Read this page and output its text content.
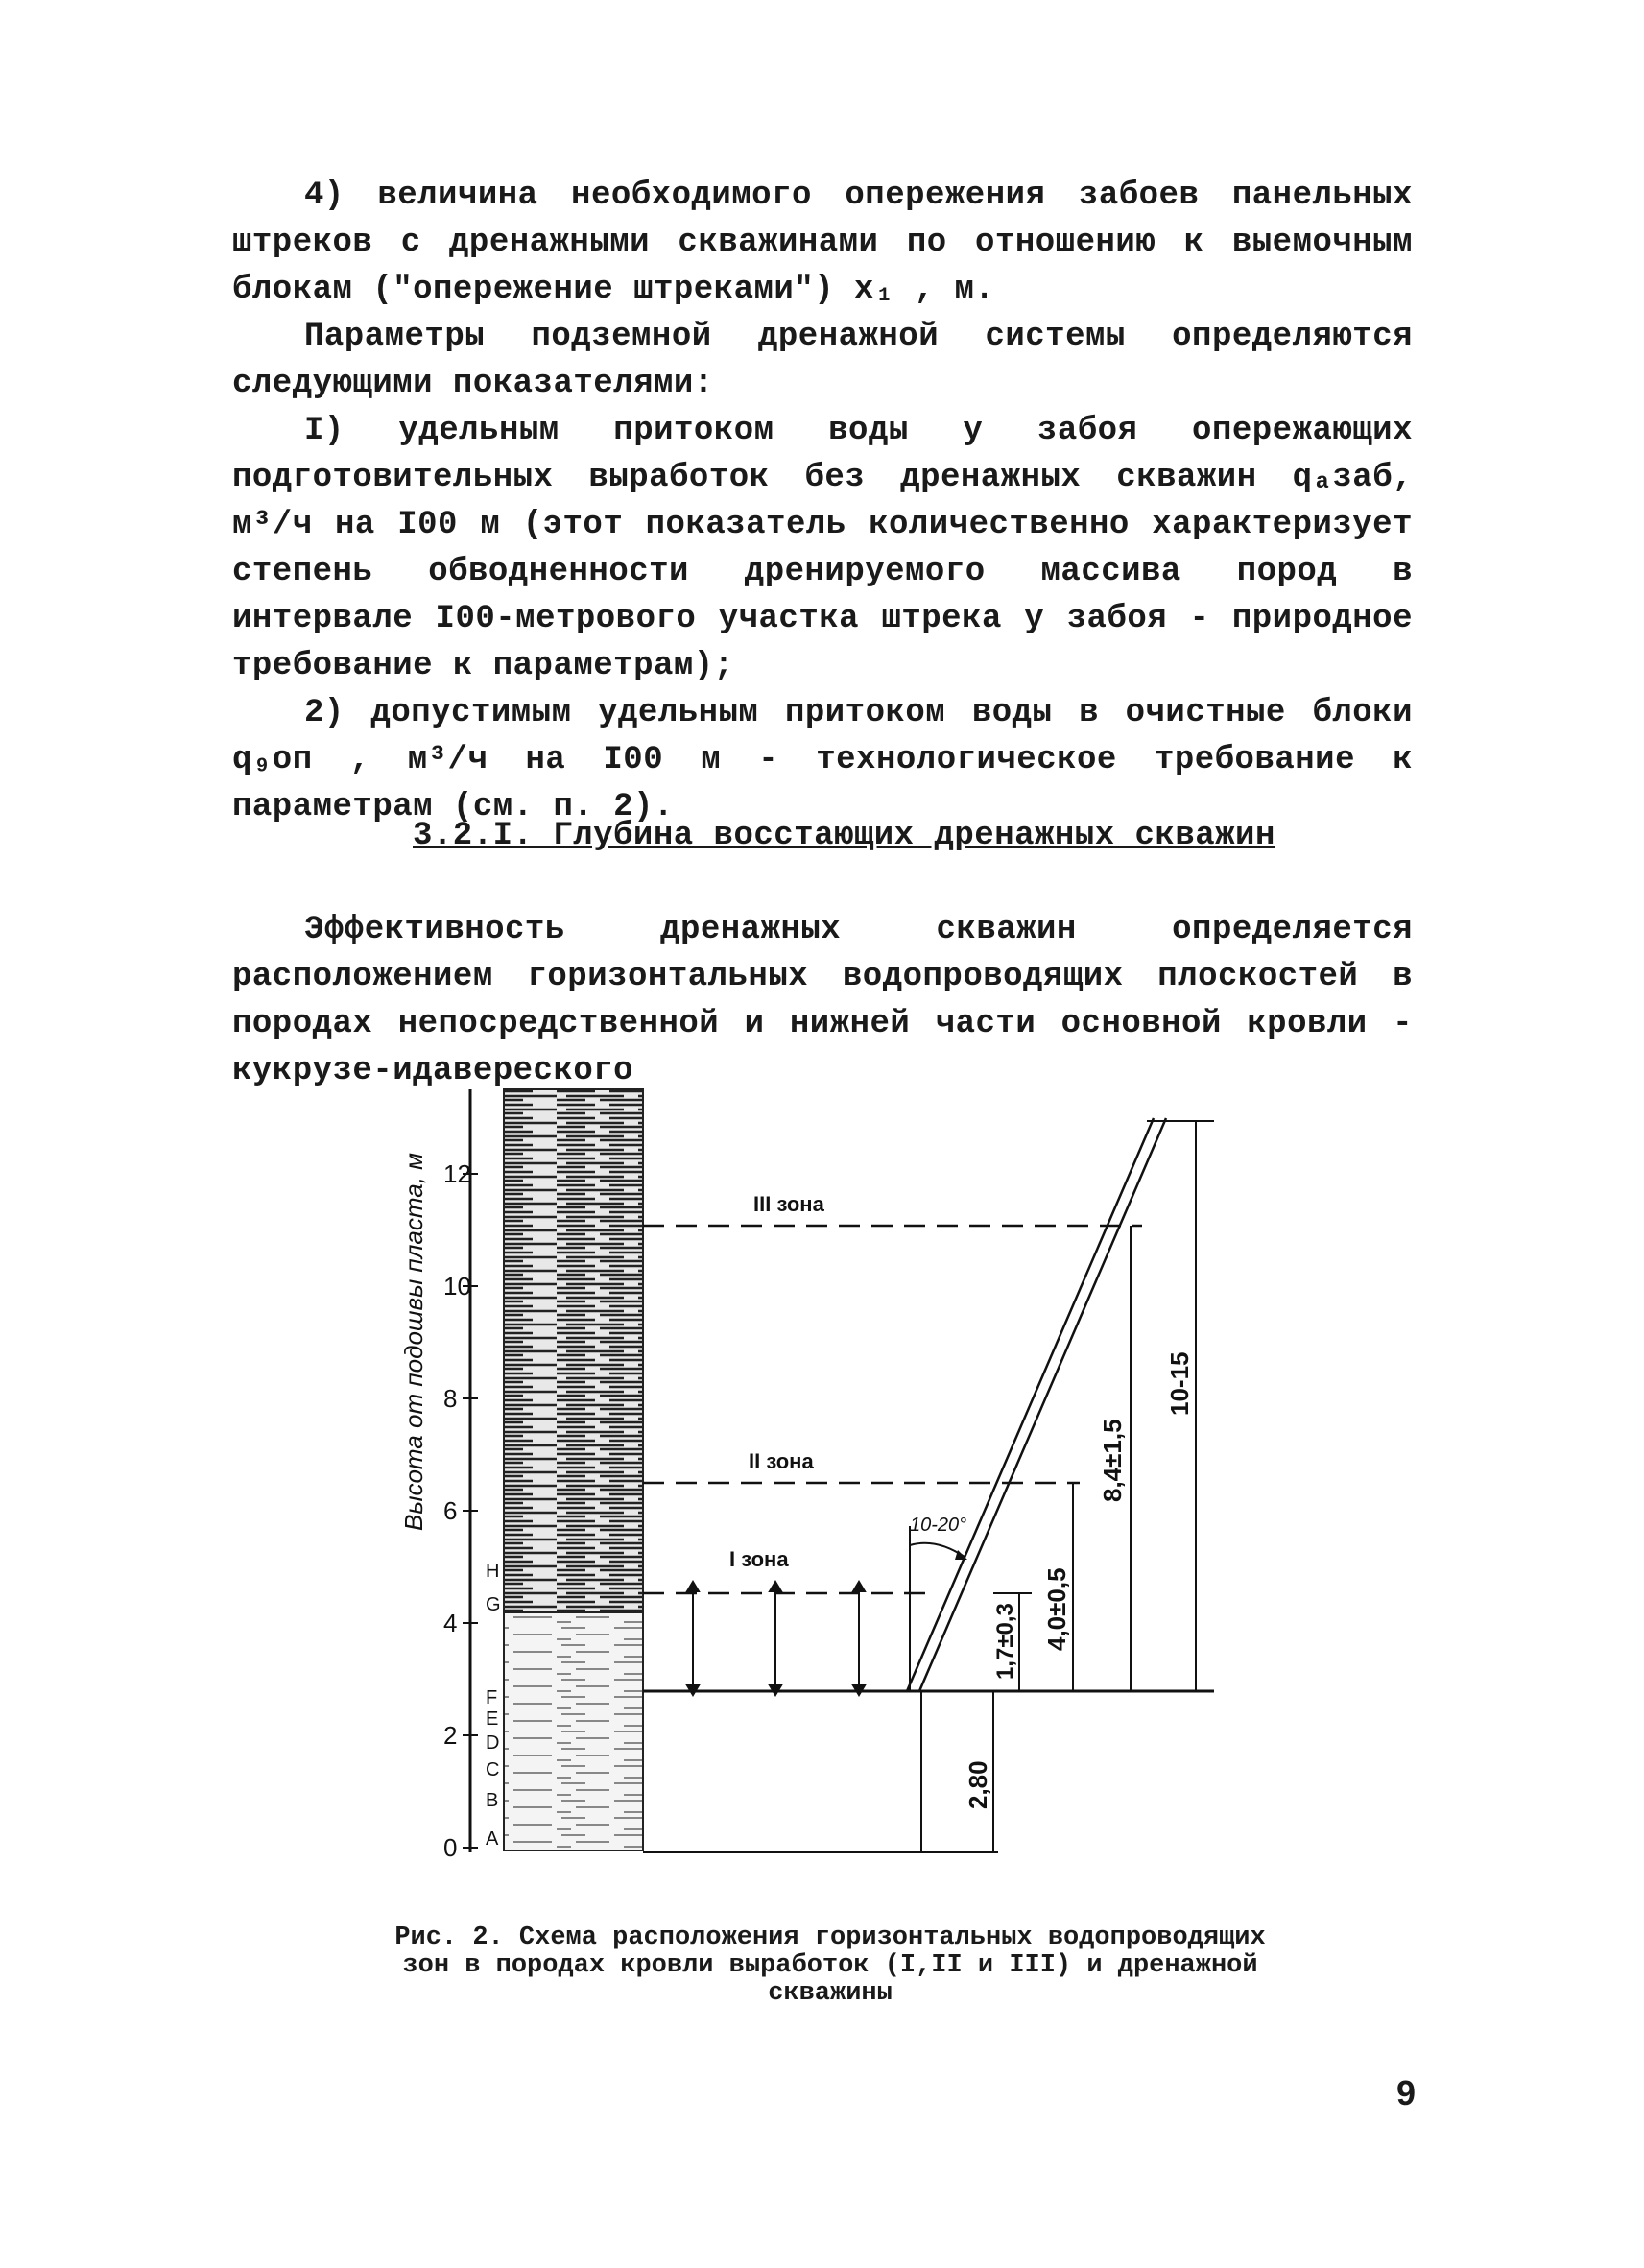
4) величина необходимого опережения забоев панельных штреков с дренажными скважинами по отношению к выемочным блокам ("опережение штреками") x₁ , м.

Параметры подземной дренажной системы определяются следующими показателями:

I) удельным притоком воды у забоя опережающих подготовительных выработок без дренажных скважин qₐзаб, м³/ч на I00 м (этот показатель количественно характеризует степень обводненности дренируемого массива пород в интервале I00-метрового участка штрека у забоя - природное требование к параметрам);

2) допустимым удельным притоком воды в очистные блоки q₉оп , м³/ч на I00 м - технологическое требование к параметрам (см. п. 2).

3.2.I. Глубина восстающих дренажных скважин

Эффективность дренажных скважин определяется расположением горизонтальных водопроводящих плоскостей в породах непосредственной и нижней части основной кровли - кукрузе-идавереского

0
2
4
6
8
10
12
Высота от подошвы пласта, м
A
B
C
D
E
F
G
H
III зона
II зона
I зона
10-20°
1,7±0,3 4,0±0,5
8,4±1,5
10-15
2,80
Рис. 2. Схема расположения горизонтальных водопроводящих зон в породах кровли выработок (I,II и III) и дренажной скважины
9
